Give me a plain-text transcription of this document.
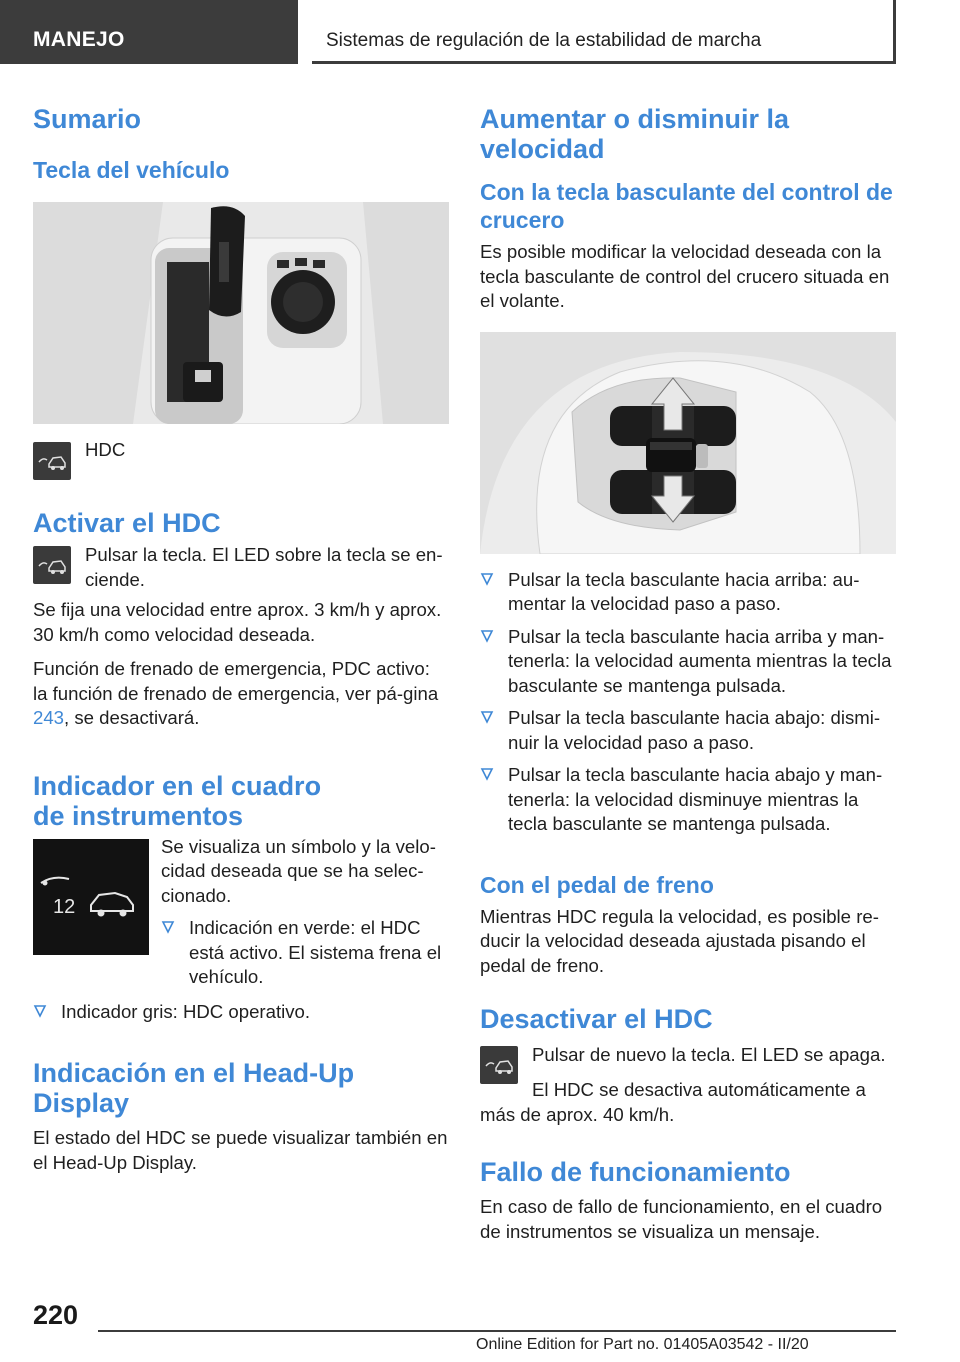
MANEJO	Sistemas de regulación de la estabilidad de marcha
Sumario
Tecla del vehículo

HDC

Activar el HDC

Pulsar la tecla. El LED sobre la tecla se en-ciende.

Se fija una velocidad entre aprox. 3 km/h y aprox. 30 km/h como velocidad deseada.

Función de frenado de emergencia, PDC activo: la función de frenado de emergencia, ver pá-gina 243, se desactivará.

Indicador en el cuadro
de instrumentos
12

Se visualiza un símbolo y la velo-cidad deseada que se ha selec-cionado.

Indicación en verde: el HDC está activo. El sistema frena el vehículo.
Indicador gris: HDC operativo.
Indicación en el Head-Up Display

El estado del HDC se puede visualizar también en el Head-Up Display.

Aumentar o disminuir la velocidad
Con la tecla basculante del control de crucero

Es posible modificar la velocidad deseada con la tecla basculante de control del crucero situada en el volante.

Pulsar la tecla basculante hacia arriba: au-mentar la velocidad paso a paso.
Pulsar la tecla basculante hacia arriba y man-tenerla: la velocidad aumenta mientras la tecla basculante se mantenga pulsada.
Pulsar la tecla basculante hacia abajo: dismi-nuir la velocidad paso a paso.
Pulsar la tecla basculante hacia abajo y man-tenerla: la velocidad disminuye mientras la tecla basculante se mantenga pulsada.
Con el pedal de freno

Mientras HDC regula la velocidad, es posible re-ducir la velocidad deseada ajustada pisando el pedal de freno.

Desactivar el HDC

Pulsar de nuevo la tecla. El LED se apaga.

El HDC se desactiva automáticamente a más de aprox. 40 km/h.

Fallo de funcionamiento

En caso de fallo de funcionamiento, en el cuadro de instrumentos se visualiza un mensaje.

220
Online Edition for Part no. 01405A03542 - II/20
